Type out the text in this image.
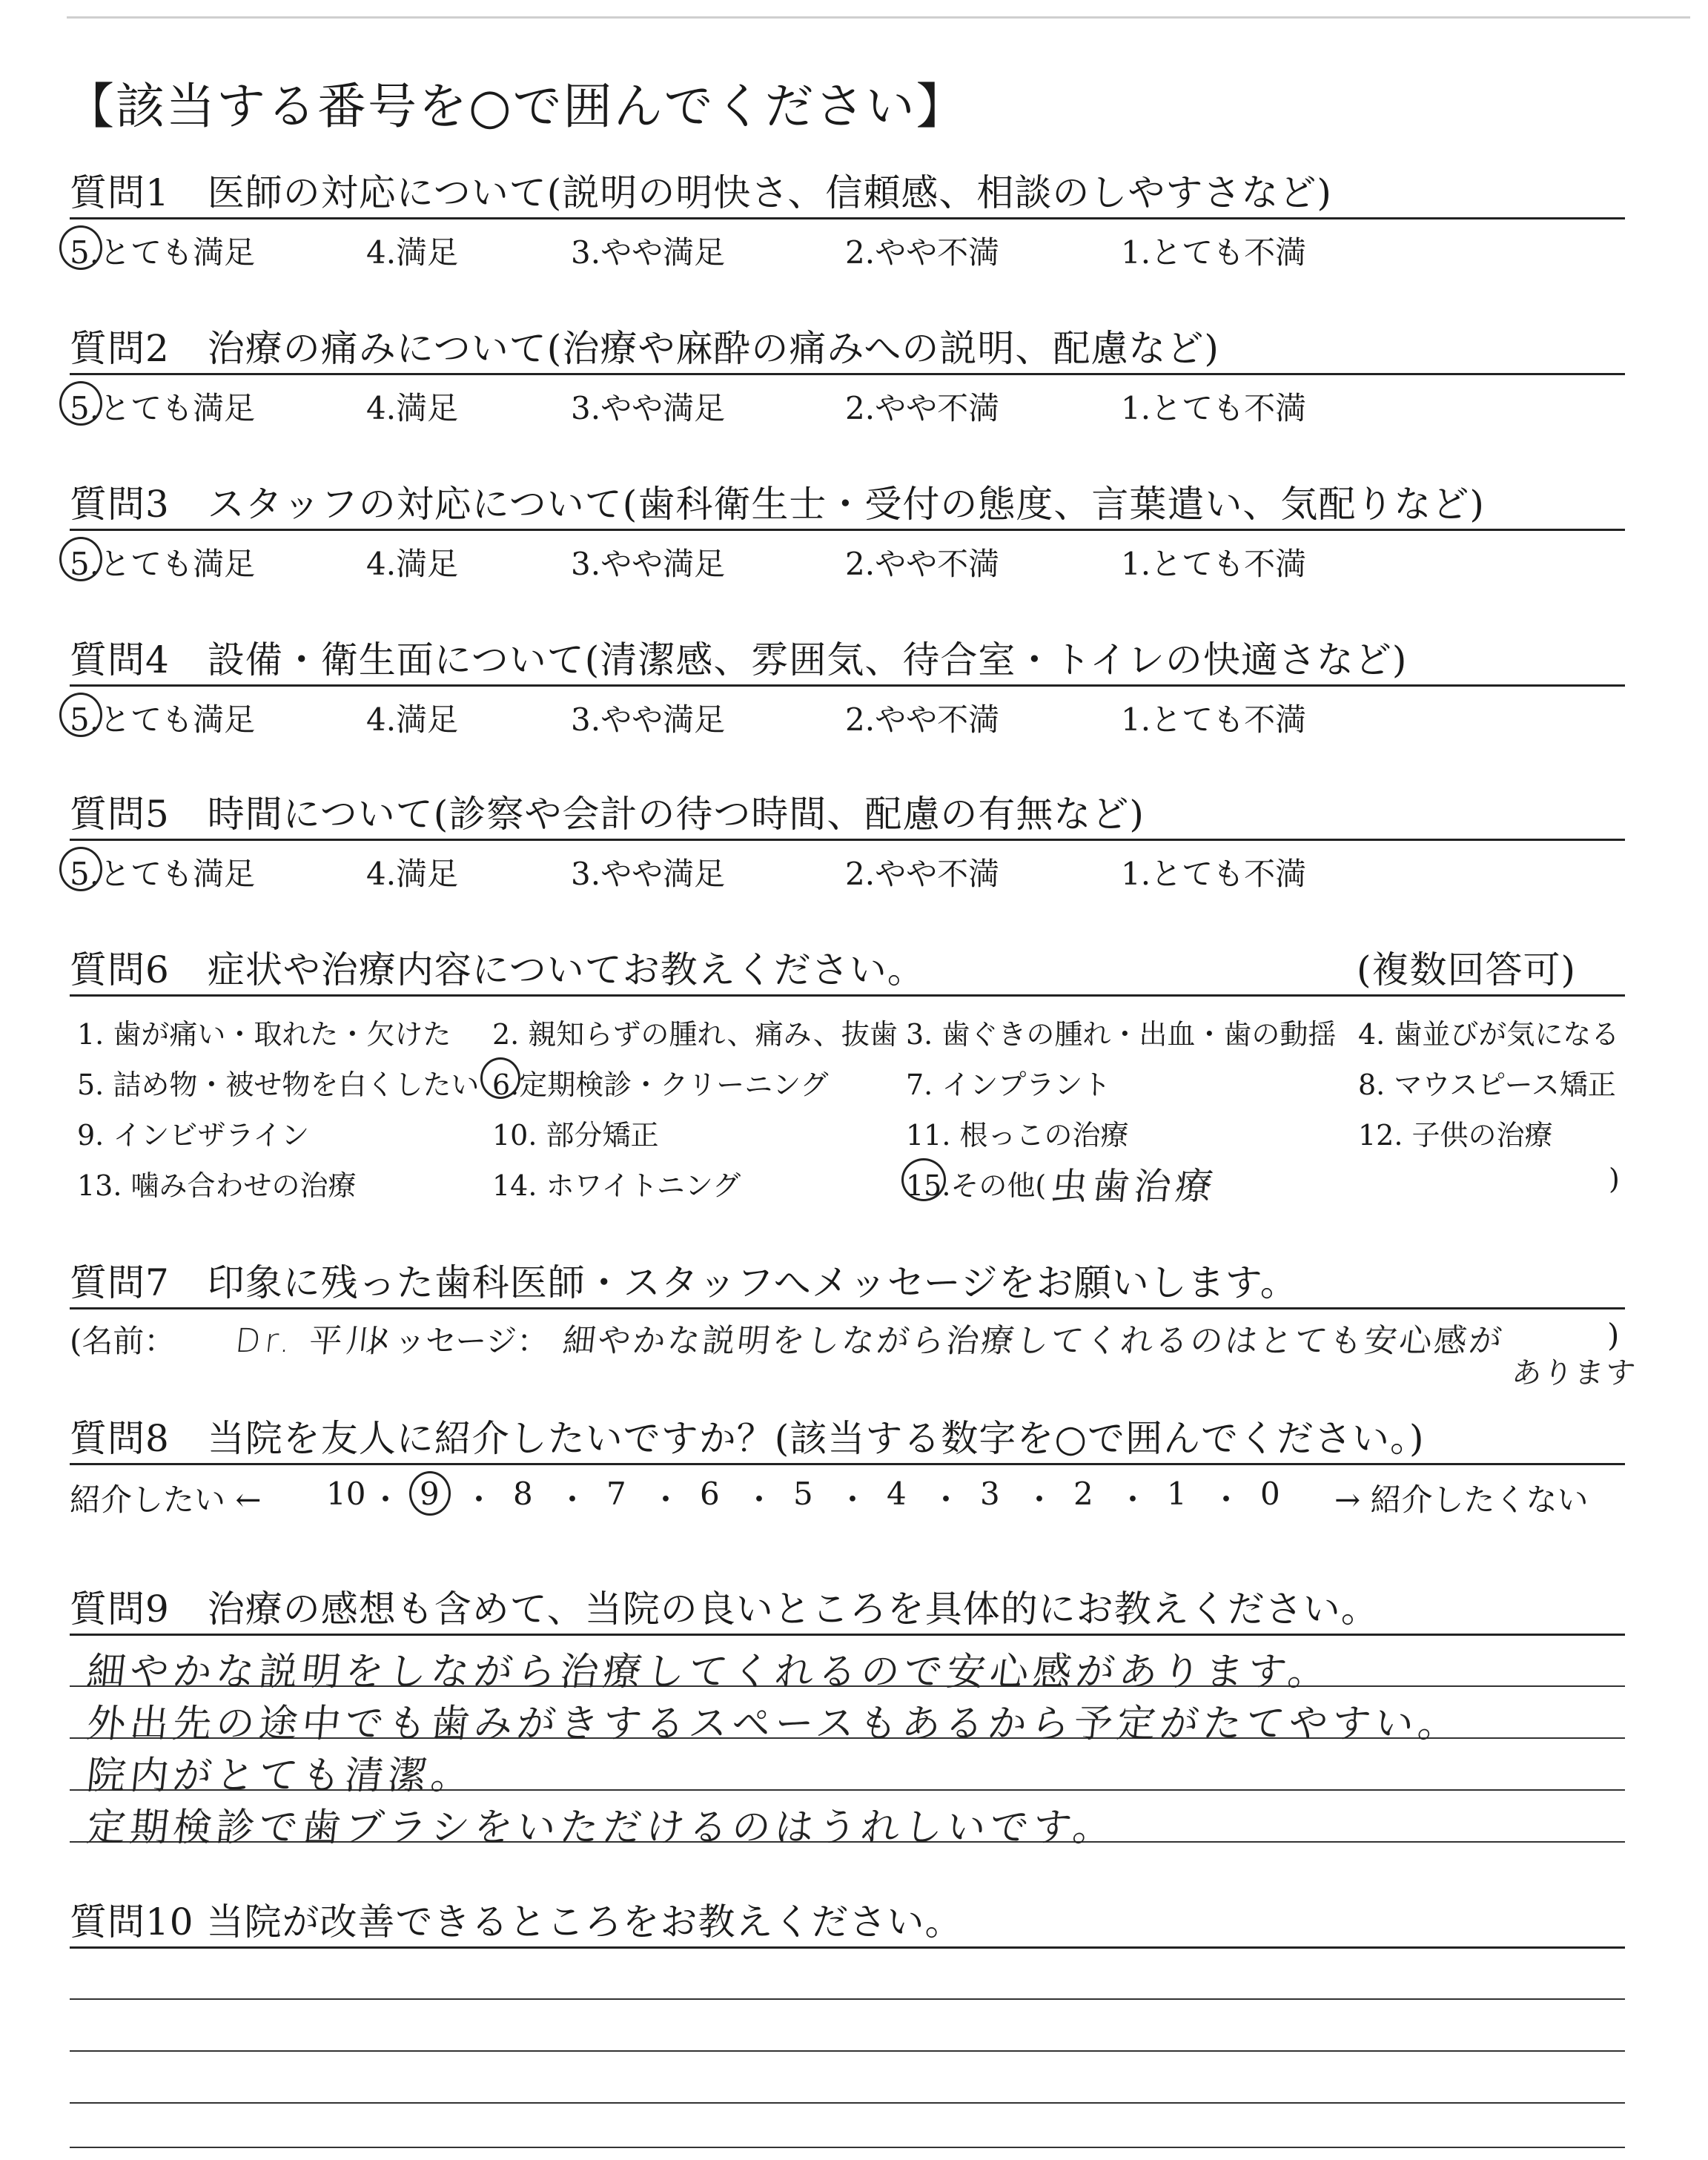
【該当する番号を○で囲んでください】
質問1　医師の対応について(説明の明快さ、信頼感、相談のしやすさなど)
5.とても満足	4.満足	3.やや満足	2.やや不満	1.とても不満
質問2　治療の痛みについて(治療や麻酔の痛みへの説明、配慮など)
5.とても満足	4.満足	3.やや満足	2.やや不満	1.とても不満
質問3　スタッフの対応について(歯科衛生士・受付の態度、言葉遣い、気配りなど)
5.とても満足	4.満足	3.やや満足	2.やや不満	1.とても不満
質問4　設備・衛生面について(清潔感、雰囲気、待合室・トイレの快適さなど)
5.とても満足	4.満足	3.やや満足	2.やや不満	1.とても不満
質問5　時間について(診察や会計の待つ時間、配慮の有無など)
5.とても満足	4.満足	3.やや満足	2.やや不満	1.とても不満
質問6　症状や治療内容についてお教えください。	(複数回答可)
1. 歯が痛い・取れた・欠けた 2. 親知らずの腫れ、痛み、抜歯 3. 歯ぐきの腫れ・出血・歯の動揺 4. 歯並びが気になる
5. 詰め物・被せ物を白くしたい 6.定期検診・クリーニング	7. インプラント	8. マウスピース矯正
9. インビザライン	10. 部分矯正	11. 根っこの治療	12. 子供の治療
13. 噛み合わせの治療	14. ホワイトニング	15.その他( 虫歯治療	)
質問7　印象に残った歯科医師・スタッフへメッセージをお願いします。
(名前： Dr. 平川
メッセージ： 細やかな説明をしながら治療してくれるのはとても安心感が
あります
)
質問8　当院を友人に紹介したいですか？(該当する数字を○で囲んでください。)
紹介したい ←	→ 紹介したくない
10 ・ 9 ・ 8 ・ 7 ・ 6 ・ 5 ・ 4 ・ 3 ・ 2 ・ 1 ・ 0
質問9　治療の感想も含めて、当院の良いところを具体的にお教えください。
細やかな説明をしながら治療してくれるので安心感があります。
外出先の途中でも歯みがきするスペースもあるから予定がたてやすい。
院内がとても清潔。
定期検診で歯ブラシをいただけるのはうれしいです。
質問10 当院が改善できるところをお教えください。
